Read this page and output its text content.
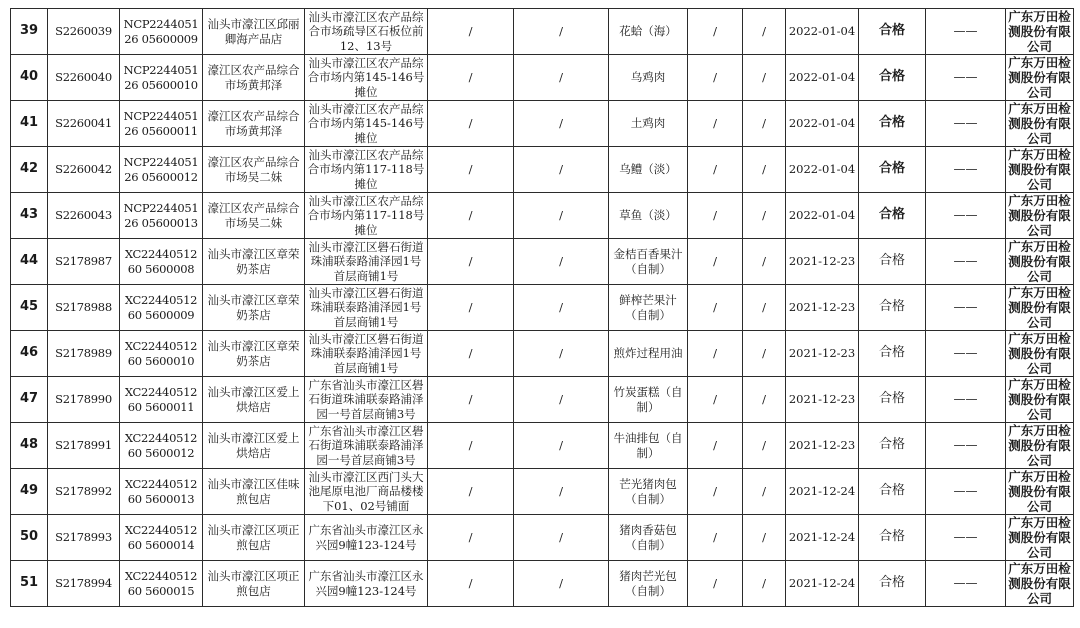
39	S2260039	NCP224405126 05600009	汕头市濠江区邱丽卿海产品店	汕头市濠江区农产品综合市场疏导区石板位前12、13号	/	/	花蛤（海）	/	/	2022-01-04	合格	——	广东万田检测股份有限公司
40	S2260040	NCP224405126 05600010	濠江区农产品综合市场黄邦泽	汕头市濠江区农产品综合市场内第145-146号摊位	/	/	乌鸡肉	/	/	2022-01-04	合格	——	广东万田检测股份有限公司
41	S2260041	NCP224405126 05600011	濠江区农产品综合市场黄邦泽	汕头市濠江区农产品综合市场内第145-146号摊位	/	/	土鸡肉	/	/	2022-01-04	合格	——	广东万田检测股份有限公司
42	S2260042	NCP224405126 05600012	濠江区农产品综合市场吴二妹	汕头市濠江区农产品综合市场内第117-118号摊位	/	/	乌鳢（淡）	/	/	2022-01-04	合格	——	广东万田检测股份有限公司
43	S2260043	NCP224405126 05600013	濠江区农产品综合市场吴二妹	汕头市濠江区农产品综合市场内第117-118号摊位	/	/	草鱼（淡）	/	/	2022-01-04	合格	——	广东万田检测股份有限公司
44	S2178987	XC2244051260 5600008	汕头市濠江区章荣奶茶店	汕头市濠江区礐石街道珠浦联泰路浦泽园1号首层商铺1号	/	/	金桔百香果汁（自制）	/	/	2021-12-23	合格	——	广东万田检测股份有限公司
45	S2178988	XC2244051260 5600009	汕头市濠江区章荣奶茶店	汕头市濠江区礐石街道珠浦联泰路浦泽园1号首层商铺1号	/	/	鲜榨芒果汁（自制）	/	/	2021-12-23	合格	——	广东万田检测股份有限公司
46	S2178989	XC2244051260 5600010	汕头市濠江区章荣奶茶店	汕头市濠江区礐石街道珠浦联泰路浦泽园1号首层商铺1号	/	/	煎炸过程用油	/	/	2021-12-23	合格	——	广东万田检测股份有限公司
47	S2178990	XC2244051260 5600011	汕头市濠江区爱上烘焙店	广东省汕头市濠江区礐石街道珠浦联泰路浦泽园一号首层商铺3号	/	/	竹炭蛋糕（自制）	/	/	2021-12-23	合格	——	广东万田检测股份有限公司
48	S2178991	XC2244051260 5600012	汕头市濠江区爱上烘焙店	广东省汕头市濠江区礐石街道珠浦联泰路浦泽园一号首层商铺3号	/	/	牛油排包（自制）	/	/	2021-12-23	合格	——	广东万田检测股份有限公司
49	S2178992	XC2244051260 5600013	汕头市濠江区佳味煎包店	汕头市濠江区西门头大池尾原电池厂商品楼楼下01、02号铺面	/	/	芒光猪肉包（自制）	/	/	2021-12-24	合格	——	广东万田检测股份有限公司
50	S2178993	XC2244051260 5600014	汕头市濠江区项正煎包店	广东省汕头市濠江区永兴园9幢123-124号	/	/	猪肉香菇包（自制）	/	/	2021-12-24	合格	——	广东万田检测股份有限公司
51	S2178994	XC2244051260 5600015	汕头市濠江区项正煎包店	广东省汕头市濠江区永兴园9幢123-124号	/	/	猪肉芒光包（自制）	/	/	2021-12-24	合格	——	广东万田检测股份有限公司
